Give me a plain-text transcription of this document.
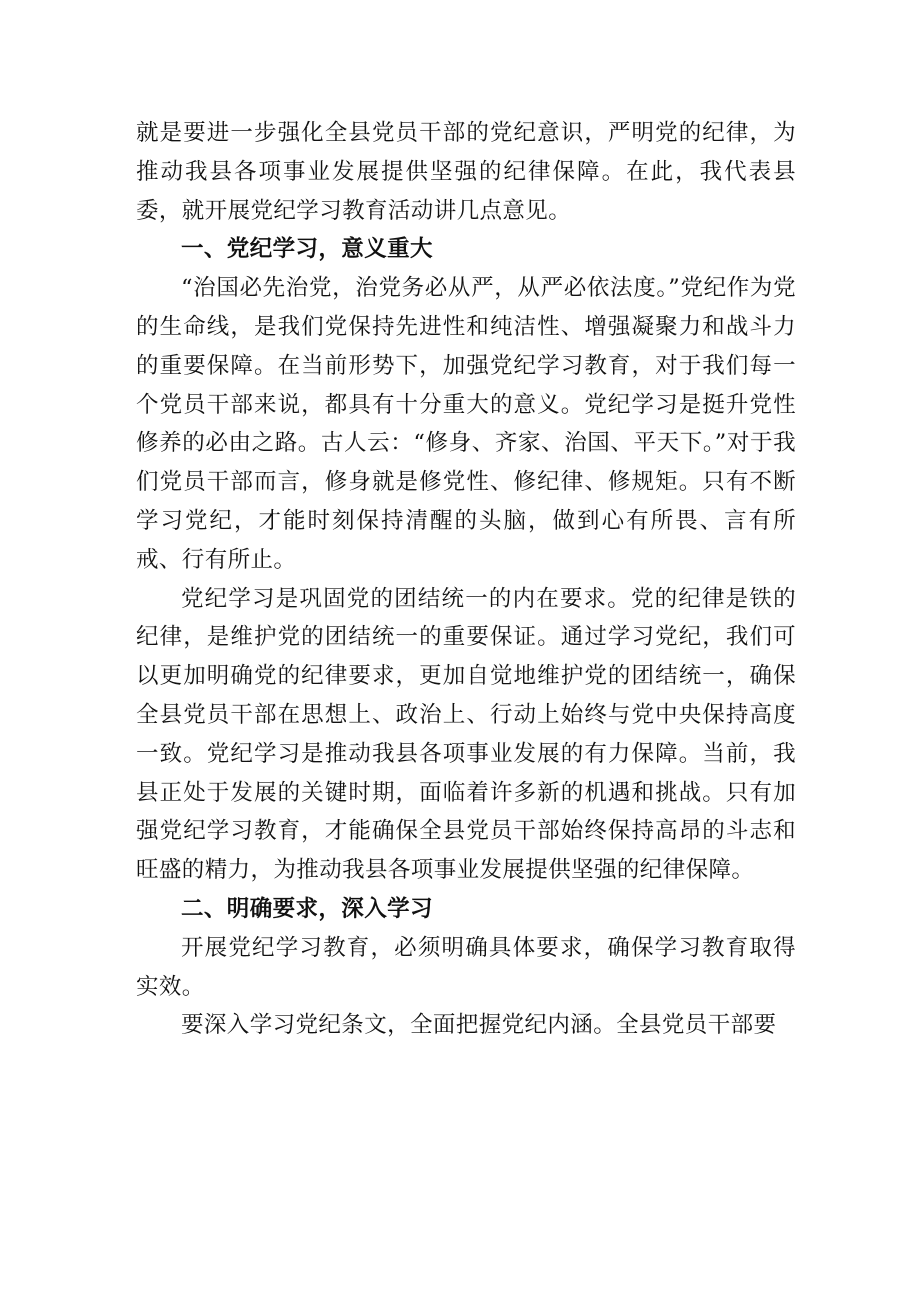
就是要进一步强化全县党员干部的党纪意识，严明党的纪律，为推动我县各项事业发展提供坚强的纪律保障。在此，我代表县委，就开展党纪学习教育活动讲几点意见。

一、党纪学习，意义重大

“治国必先治党，治党务必从严，从严必依法度。”党纪作为党的生命线，是我们党保持先进性和纯洁性、增强凝聚力和战斗力的重要保障。在当前形势下，加强党纪学习教育，对于我们每一个党员干部来说，都具有十分重大的意义。党纪学习是挺升党性修养的必由之路。古人云：“修身、齐家、治国、平天下。”对于我们党员干部而言，修身就是修党性、修纪律、修规矩。只有不断学习党纪，才能时刻保持清醒的头脑，做到心有所畏、言有所戒、行有所止。

党纪学习是巩固党的团结统一的内在要求。党的纪律是铁的纪律，是维护党的团结统一的重要保证。通过学习党纪，我们可以更加明确党的纪律要求，更加自觉地维护党的团结统一，确保全县党员干部在思想上、政治上、行动上始终与党中央保持高度一致。党纪学习是推动我县各项事业发展的有力保障。当前，我县正处于发展的关键时期，面临着许多新的机遇和挑战。只有加强党纪学习教育，才能确保全县党员干部始终保持高昂的斗志和旺盛的精力，为推动我县各项事业发展提供坚强的纪律保障。

二、明确要求，深入学习

开展党纪学习教育，必须明确具体要求，确保学习教育取得实效。

要深入学习党纪条文，全面把握党纪内涵。全县党员干部要
